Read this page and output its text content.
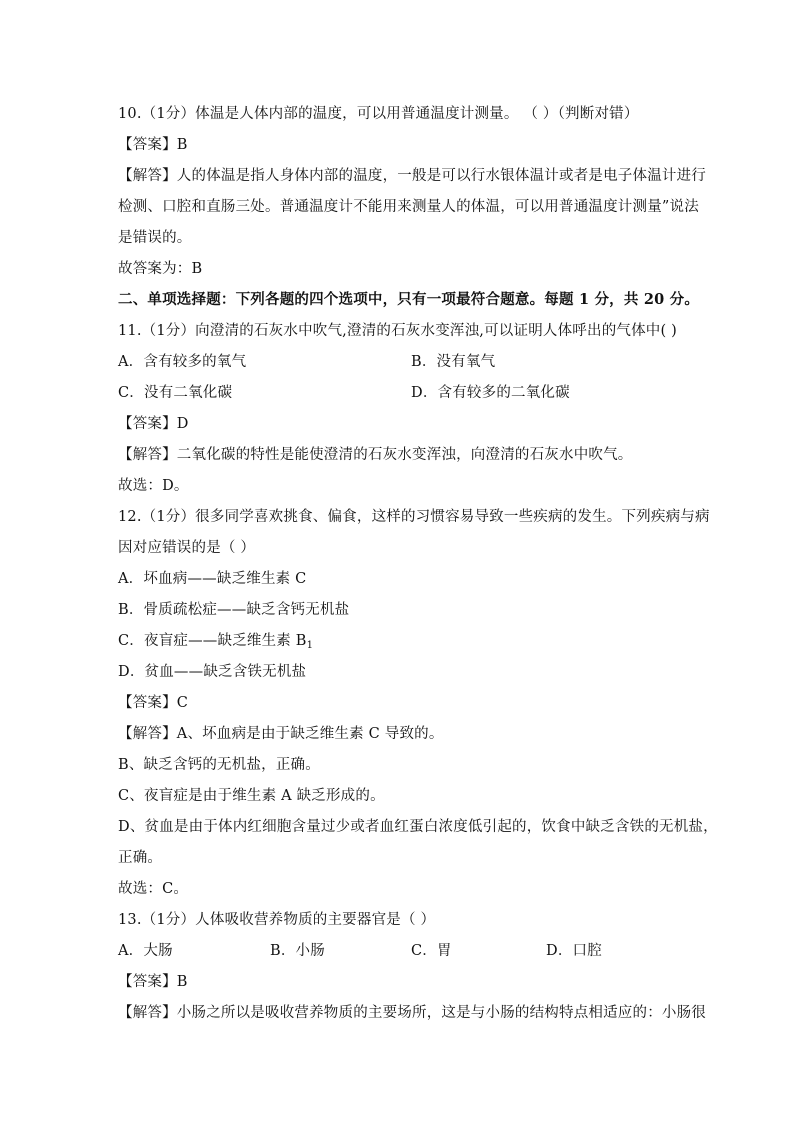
10.（1分）体温是人体内部的温度，可以用普通温度计测量。 （ ）（判断对错）
【答案】B
【解答】人的体温是指人身体内部的温度，一般是可以行水银体温计或者是电子体温计进行
检测、口腔和直肠三处。普通温度计不能用来测量人的体温，可以用普通温度计测量”说法
是错误的。
故答案为：B
二、单项选择题：下列各题的四个选项中，只有一项最符合题意。每题 1 分，共 20 分。
11.（1分）向澄清的石灰水中吹气,澄清的石灰水变浑浊,可以证明人体呼出的气体中( )
A．含有较多的氧气	B．没有氧气
C．没有二氧化碳	D．含有较多的二氧化碳
【答案】D
【解答】二氧化碳的特性是能使澄清的石灰水变浑浊，向澄清的石灰水中吹气。
故选：D。
12.（1分）很多同学喜欢挑食、偏食，这样的习惯容易导致一些疾病的发生。下列疾病与病
因对应错误的是（ ）
A．坏血病——缺乏维生素 C
B．骨质疏松症——缺乏含钙无机盐
C．夜盲症——缺乏维生素 $B_1$
D．贫血——缺乏含铁无机盐
【答案】C
【解答】A、坏血病是由于缺乏维生素 C 导致的。
B、缺乏含钙的无机盐，正确。
C、夜盲症是由于维生素 A 缺乏形成的。
D、贫血是由于体内红细胞含量过少或者血红蛋白浓度低引起的，饮食中缺乏含铁的无机盐，
正确。
故选：C。
13.（1分）人体吸收营养物质的主要器官是（ ）
A．大肠	B．小肠	C．胃	D．口腔
【答案】B
【解答】小肠之所以是吸收营养物质的主要场所，这是与小肠的结构特点相适应的：小肠很
